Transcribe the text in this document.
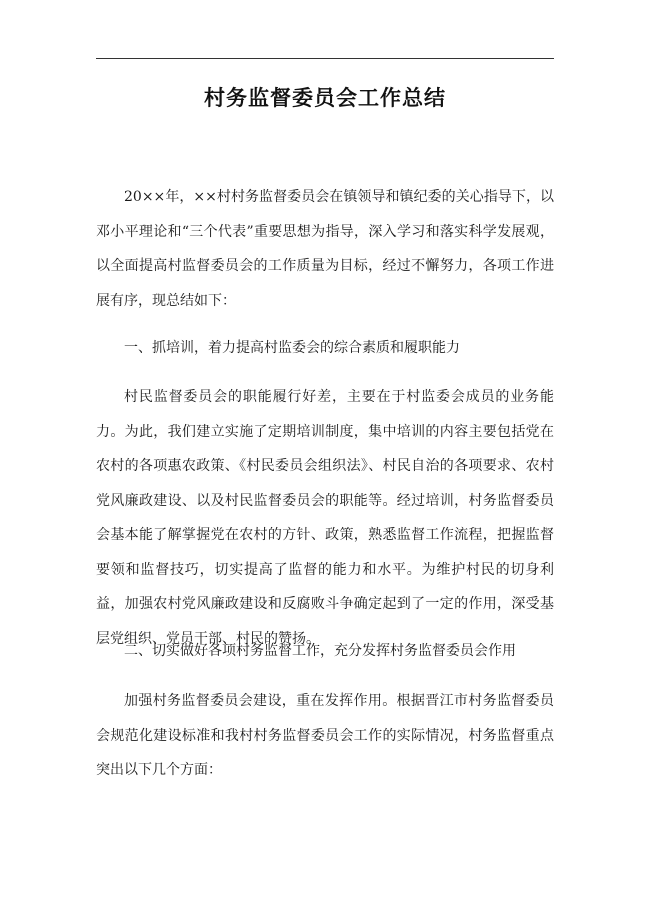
村务监督委员会工作总结

20××年，××村村务监督委员会在镇领导和镇纪委的关心指导下，以邓小平理论和“三个代表”重要思想为指导，深入学习和落实科学发展观，以全面提高村监督委员会的工作质量为目标，经过不懈努力，各项工作进展有序，现总结如下：

一、抓培训，着力提高村监委会的综合素质和履职能力

村民监督委员会的职能履行好差，主要在于村监委会成员的业务能力。为此，我们建立实施了定期培训制度，集中培训的内容主要包括党在农村的各项惠农政策、《村民委员会组织法》、村民自治的各项要求、农村党风廉政建设、以及村民监督委员会的职能等。经过培训，村务监督委员会基本能了解掌握党在农村的方针、政策，熟悉监督工作流程，把握监督要领和监督技巧，切实提高了监督的能力和水平。为维护村民的切身利益，加强农村党风廉政建设和反腐败斗争确定起到了一定的作用，深受基层党组织、党员干部、村民的赞扬。

二、切实做好各项村务监督工作，充分发挥村务监督委员会作用

加强村务监督委员会建设，重在发挥作用。根据晋江市村务监督委员会规范化建设标准和我村村务监督委员会工作的实际情况，村务监督重点突出以下几个方面：
